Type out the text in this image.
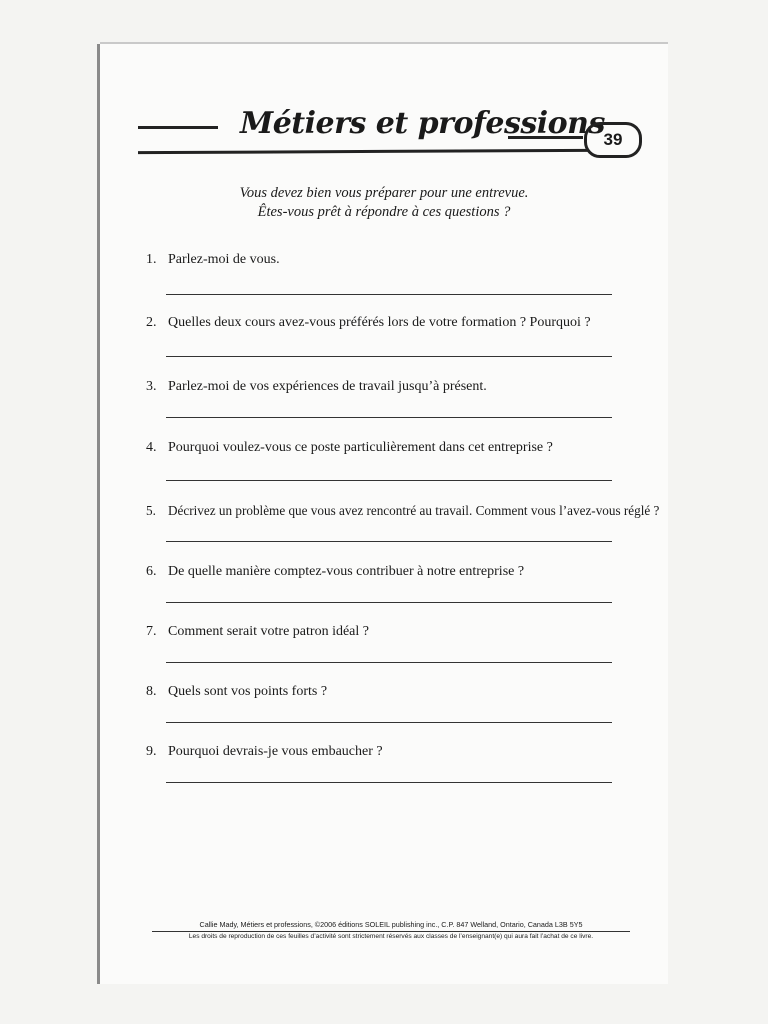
Métiers et professions
39
Vous devez bien vous préparer pour une entrevue.
Êtes-vous prêt à répondre à ces questions ?
1. Parlez-moi de vous.
2. Quelles deux cours avez-vous préférés lors de votre formation ? Pourquoi ?
3. Parlez-moi de vos expériences de travail jusqu’à présent.
4. Pourquoi voulez-vous ce poste particulièrement dans cet entreprise ?
5. Décrivez un problème que vous avez rencontré au travail. Comment vous l’avez-vous réglé ?
6. De quelle manière comptez-vous contribuer à notre entreprise ?
7. Comment serait votre patron idéal ?
8. Quels sont vos points forts ?
9. Pourquoi devrais-je vous embaucher ?
Callie Mady, Métiers et professions, ©2006 éditions SOLEIL publishing inc., C.P. 847 Welland, Ontario, Canada L3B 5Y5
Les droits de reproduction de ces feuilles d’activité sont strictement réservés aux classes de l’enseignant(e) qui aura fait l’achat de ce livre.
